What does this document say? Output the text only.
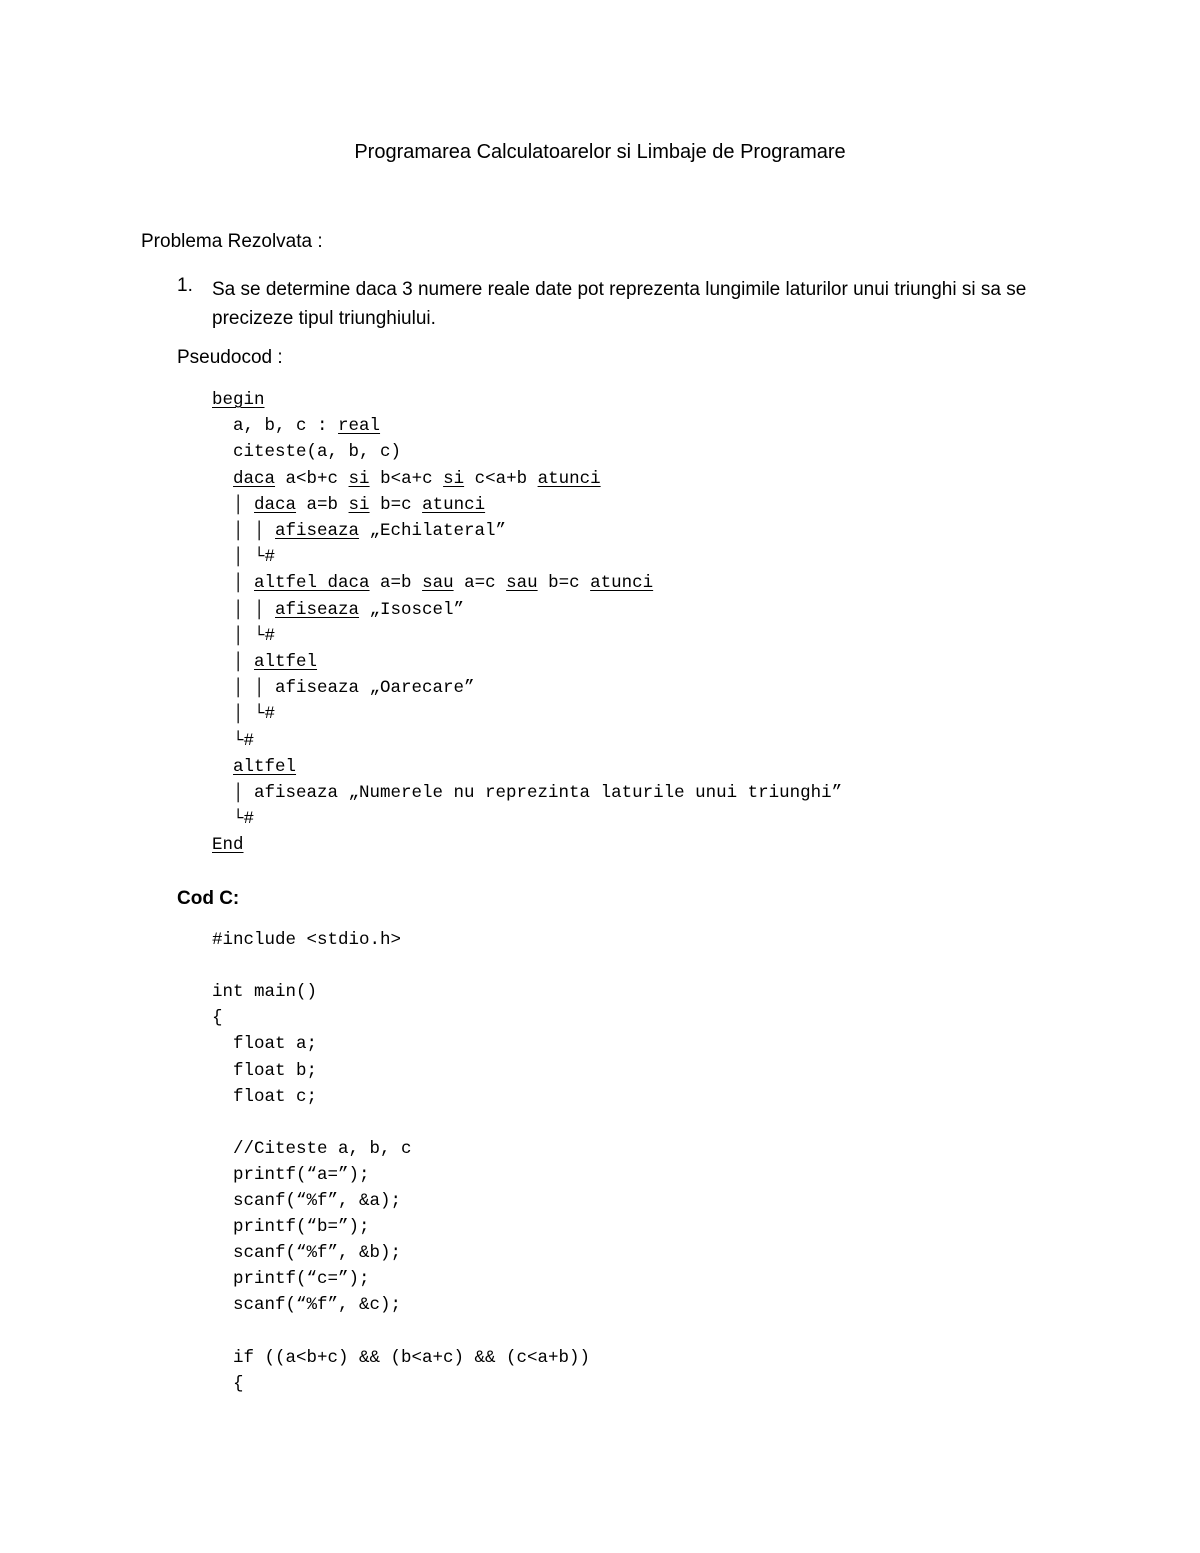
Programarea Calculatoarelor si Limbaje de Programare
Problema Rezolvata :
1. Sa se determine daca 3 numere reale date pot reprezenta lungimile laturilor unui triunghi si sa se precizeze tipul triunghiului.
Pseudocod :
begin
a, b, c : real
citeste(a, b, c)
daca a<b+c si b<a+c si c<a+b atunci
│ daca a=b si b=c atunci
│ │ afiseaza „Echilateral”
│ └#
│ altfel daca a=b sau a=c sau b=c atunci
│ │ afiseaza „Isoscel”
│ └#
│ altfel
│ │ afiseaza „Oarecare”
│ └#
└#
altfel
│ afiseaza „Numerele nu reprezinta laturile unui triunghi”
└#
End
Cod C:
#include <stdio.h>
int main()
{
float a;
float b;
float c;
//Citeste a, b, c
printf(“a=”);
scanf(“%f”, &a);
printf(“b=”);
scanf(“%f”, &b);
printf(“c=”);
scanf(“%f”, &c);
if ((a<b+c) && (b<a+c) && (c<a+b))
{
